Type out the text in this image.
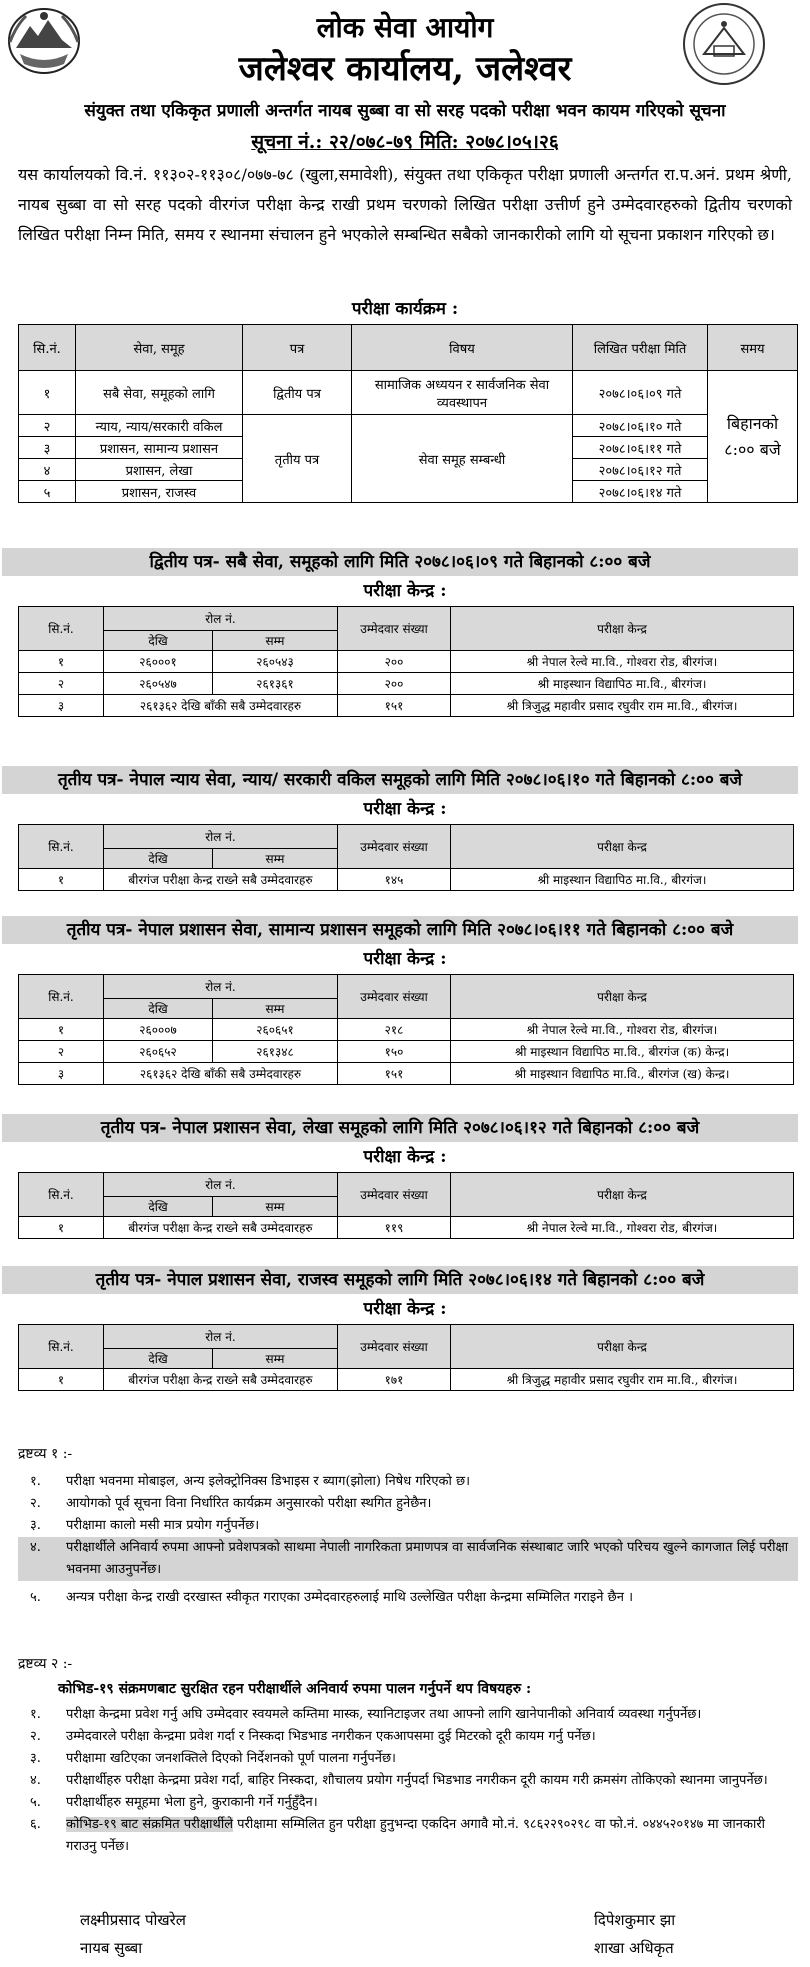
लोक सेवा आयोग
जलेश्वर कार्यालय, जलेश्वर
संयुक्त तथा एकिकृत प्रणाली अन्तर्गत नायब सुब्बा वा सो सरह पदको परीक्षा भवन कायम गरिएको सूचना
सूचना नं.: २२/०७८-७९ मिति: २०७८।०५।२६
यस कार्यालयको वि.नं. ११३०२-११३०८/०७७-७८ (खुला,समावेशी), संयुक्त तथा एकिकृत परीक्षा प्रणाली अन्तर्गत रा.प.अनं. प्रथम श्रेणी, नायब सुब्बा वा सो सरह पदको वीरगंज परीक्षा केन्द्र राखी प्रथम चरणको लिखित परीक्षा उत्तीर्ण हुने उम्मेदवारहरुको द्वितीय चरणको लिखित परीक्षा निम्न मिति, समय र स्थानमा संचालन हुने भएकोले सम्बन्धित सबैको जानकारीको लागि यो सूचना प्रकाशन गरिएको छ।
परीक्षा कार्यक्रम :
सि.नं.	सेवा, समूह	पत्र	विषय	लिखित परीक्षा मिति	समय
१	सबै सेवा, समूहको लागि	द्वितीय पत्र	सामाजिक अध्ययन र सार्वजनिक सेवा व्यवस्थापन	२०७८।०६।०९ गते	बिहानको
८:०० बजे
२	न्याय, न्याय/सरकारी वकिल	तृतीय पत्र	सेवा समूह सम्बन्धी	२०७८।०६।१० गते	
३	प्रशासन, सामान्य प्रशासन			२०७८।०६।११ गते	
४	प्रशासन, लेखा			२०७८।०६।१२ गते	
५	प्रशासन, राजस्व			२०७८।०६।१४ गते	
द्वितीय पत्र- सबै सेवा, समूहको लागि मिति २०७८।०६।०९ गते बिहानको ८:०० बजे
परीक्षा केन्द्र :
सि.नं.	रोल नं.		उम्मेदवार संख्या	परीक्षा केन्द्र
	देखि	सम्म		
१	२६०००१	२६०५४३	२००	श्री नेपाल रेल्वे मा.वि., गोश्वरा रोड, बीरगंज।
२	२६०५४७	२६१३६१	२००	श्री माइस्थान विद्यापिठ मा.वि., बीरगंज।
३	२६१३६२ देखि बाँकी सबै उम्मेदवारहरु		१५१	श्री त्रिजुद्ध महावीर प्रसाद रघुवीर राम मा.वि., बीरगंज।
तृतीय पत्र- नेपाल न्याय सेवा, न्याय/ सरकारी वकिल समूहको लागि मिति २०७८।०६।१० गते बिहानको ८:०० बजे
परीक्षा केन्द्र :
सि.नं.	रोल नं.		उम्मेदवार संख्या	परीक्षा केन्द्र
	देखि	सम्म		
१	बीरगंज परीक्षा केन्द्र राख्ने सबै उम्मेदवारहरु		१४५	श्री माइस्थान विद्यापिठ मा.वि., बीरगंज।
तृतीय पत्र- नेपाल प्रशासन सेवा, सामान्य प्रशासन समूहको लागि मिति २०७८।०६।११ गते बिहानको ८:०० बजे
परीक्षा केन्द्र :
सि.नं.	रोल नं.		उम्मेदवार संख्या	परीक्षा केन्द्र
	देखि	सम्म		
१	२६०००७	२६०६५१	२१८	श्री नेपाल रेल्वे मा.वि., गोश्वरा रोड, बीरगंज।
२	२६०६५२	२६१३४८	१५०	श्री माइस्थान विद्यापिठ मा.वि., बीरगंज (क) केन्द्र।
३	२६१३६२ देखि बाँकी सबै उम्मेदवारहरु		१५१	श्री माइस्थान विद्यापिठ मा.वि., बीरगंज (ख) केन्द्र।
तृतीय पत्र- नेपाल प्रशासन सेवा, लेखा समूहको लागि मिति २०७८।०६।१२ गते बिहानको ८:०० बजे
परीक्षा केन्द्र :
सि.नं.	रोल नं.		उम्मेदवार संख्या	परीक्षा केन्द्र
	देखि	सम्म		
१	बीरगंज परीक्षा केन्द्र राख्ने सबै उम्मेदवारहरु		११९	श्री नेपाल रेल्वे मा.वि., गोश्वरा रोड, बीरगंज।
तृतीय पत्र- नेपाल प्रशासन सेवा, राजस्व समूहको लागि मिति २०७८।०६।१४ गते बिहानको ८:०० बजे
परीक्षा केन्द्र :
सि.नं.	रोल नं.		उम्मेदवार संख्या	परीक्षा केन्द्र
	देखि	सम्म		
१	बीरगंज परीक्षा केन्द्र राख्ने सबै उम्मेदवारहरु		१७१	श्री त्रिजुद्ध महावीर प्रसाद रघुवीर राम मा.वि., बीरगंज।
द्रष्टव्य १ :-
१.	परीक्षा भवनमा मोबाइल, अन्य इलेक्ट्रोनिक्स डिभाइस र ब्याग(झोला) निषेध गरिएको छ।
२.	आयोगको पूर्व सूचना विना निर्धारित कार्यक्रम अनुसारको परीक्षा स्थगित हुनेछैन।
३.	परीक्षामा कालो मसी मात्र प्रयोग गर्नुपर्नेछ।
४.	परीक्षार्थीले अनिवार्य रुपमा आफ्नो प्रवेशपत्रको साथमा नेपाली नागरिकता प्रमाणपत्र वा सार्वजनिक संस्थाबाट जारि भएको परिचय खुल्ने कागजात लिई परीक्षा भवनमा आउनुपर्नेछ।
५.	अन्यत्र परीक्षा केन्द्र राखी दरखास्त स्वीकृत गराएका उम्मेदवारहरुलाई माथि उल्लेखित परीक्षा केन्द्रमा सम्मिलित गराइने छैन ।
द्रष्टव्य २ :-
कोभिड-१९ संक्रमणबाट सुरक्षित रहन परीक्षार्थीले अनिवार्य रुपमा पालन गर्नुपर्ने थप विषयहरु :
१.	परीक्षा केन्द्रमा प्रवेश गर्नु अघि उम्मेदवार स्वयमले कम्तिमा मास्क, स्यानिटाइजर तथा आफ्नो लागि खानेपानीको अनिवार्य व्यवस्था गर्नुपर्नेछ।
२.	उम्मेदवारले परीक्षा केन्द्रमा प्रवेश गर्दा र निस्कदा भिडभाड नगरीकन एकआपसमा दुई मिटरको दूरी कायम गर्नु पर्नेछ।
३.	परीक्षामा खटिएका जनशक्तिले दिएको निर्देशनको पूर्ण पालना गर्नुपर्नेछ।
४.	परीक्षार्थीहरु परीक्षा केन्द्रमा प्रवेश गर्दा, बाहिर निस्कदा, शौचालय प्रयोग गर्नुपर्दा भिडभाड नगरीकन दूरी कायम गरी क्रमसंग तोकिएको स्थानमा जानुपर्नेछ।
५.	परीक्षार्थीहरु समूहमा भेला हुने, कुराकानी गर्ने गर्नुहुँदैन।
६.	कोभिड-१९ बाट संक्रमित परीक्षार्थीले परीक्षामा सम्मिलित हुन परीक्षा हुनुभन्दा एकदिन अगावै मो.नं. ९८६२२९०२९८ वा फो.नं. ०४४५२०१४७ मा जानकारी गराउनु पर्नेछ।
लक्ष्मीप्रसाद पोखरेल
नायब सुब्बा
दिपेशकुमार झा
शाखा अधिकृत
